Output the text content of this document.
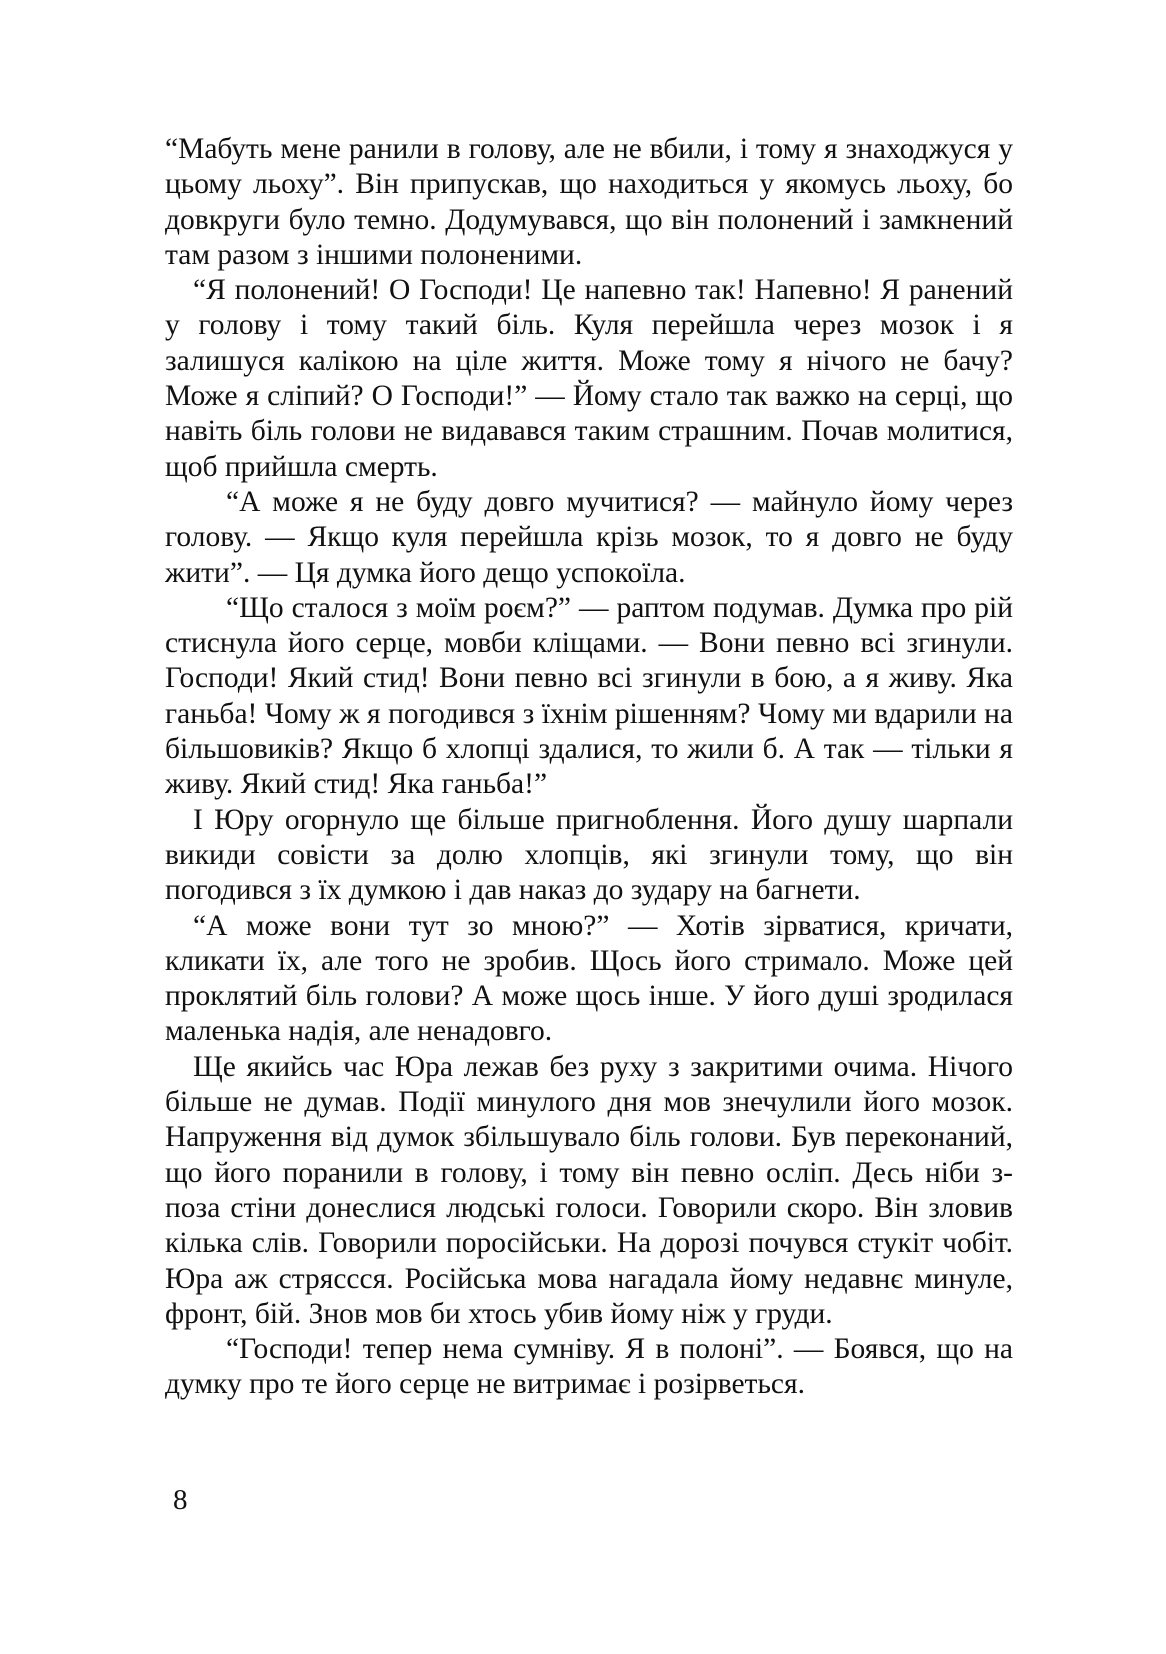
“Мабуть мене ранили в голову, але не вбили, і тому я знаходжуся у цьому льоху”. Він припускав, що находиться у якомусь льоху, бо довкруги було темно. Додумувався, що він полонений і замкнений там разом з іншими полоненими.

“Я полонений! О Господи! Це напевно так! Напевно! Я ранений у голову і тому такий біль. Куля перейшла через мозок і я залишуся калікою на ціле життя. Може тому я нічого не бачу? Може я сліпий? О Господи!” — Йому стало так важко на серці, що навіть біль голови не видавався таким страшним. Почав молитися, щоб прийшла смерть.

“А може я не буду довго мучитися? — майнуло йому через голову. — Якщо куля перейшла крізь мозок, то я довго не буду жити”. — Ця думка його дещо успокоїла.

“Що сталося з моїм роєм?” — раптом подумав. Думка про рій стиснула його серце, мовби кліщами. — Вони певно всі згинули. Господи! Який стид! Вони певно всі згинули в бою, а я живу. Яка ганьба! Чому ж я погодився з їхнім рішенням? Чому ми вдарили на більшовиків? Якщо б хлопці здалися, то жили б. А так — тільки я живу. Який стид! Яка ганьба!”

І Юру огорнуло ще більше пригноблення. Його душу шарпали викиди совісти за долю хлопців, які згинули тому, що він погодився з їх думкою і дав наказ до зудару на багнети.

“А може вони тут зо мною?” — Хотів зірватися, кричати, кликати їх, але того не зробив. Щось його стримало. Може цей проклятий біль голови? А може щось інше. У його душі зродилася маленька надія, але ненадовго.

Ще якийсь час Юра лежав без руху з закритими очима. Нічого більше не думав. Події минулого дня мов знечулили його мозок. Напруження від думок збільшувало біль голови. Був переконаний, що його поранили в голову, і тому він певно осліп. Десь ніби з-поза стіни донеслися людські голоси. Говорили скоро. Він зловив кілька слів. Говорили поросійськи. На дорозі почувся стукіт чобіт. Юра аж стряссся. Російська мова нагадала йому недавнє минуле, фронт, бій. Знов мов би хтось убив йому ніж у груди.

“Господи! тепер нема сумніву. Я в полоні”. — Боявся, що на думку про те його серце не витримає і розірветься.

8
